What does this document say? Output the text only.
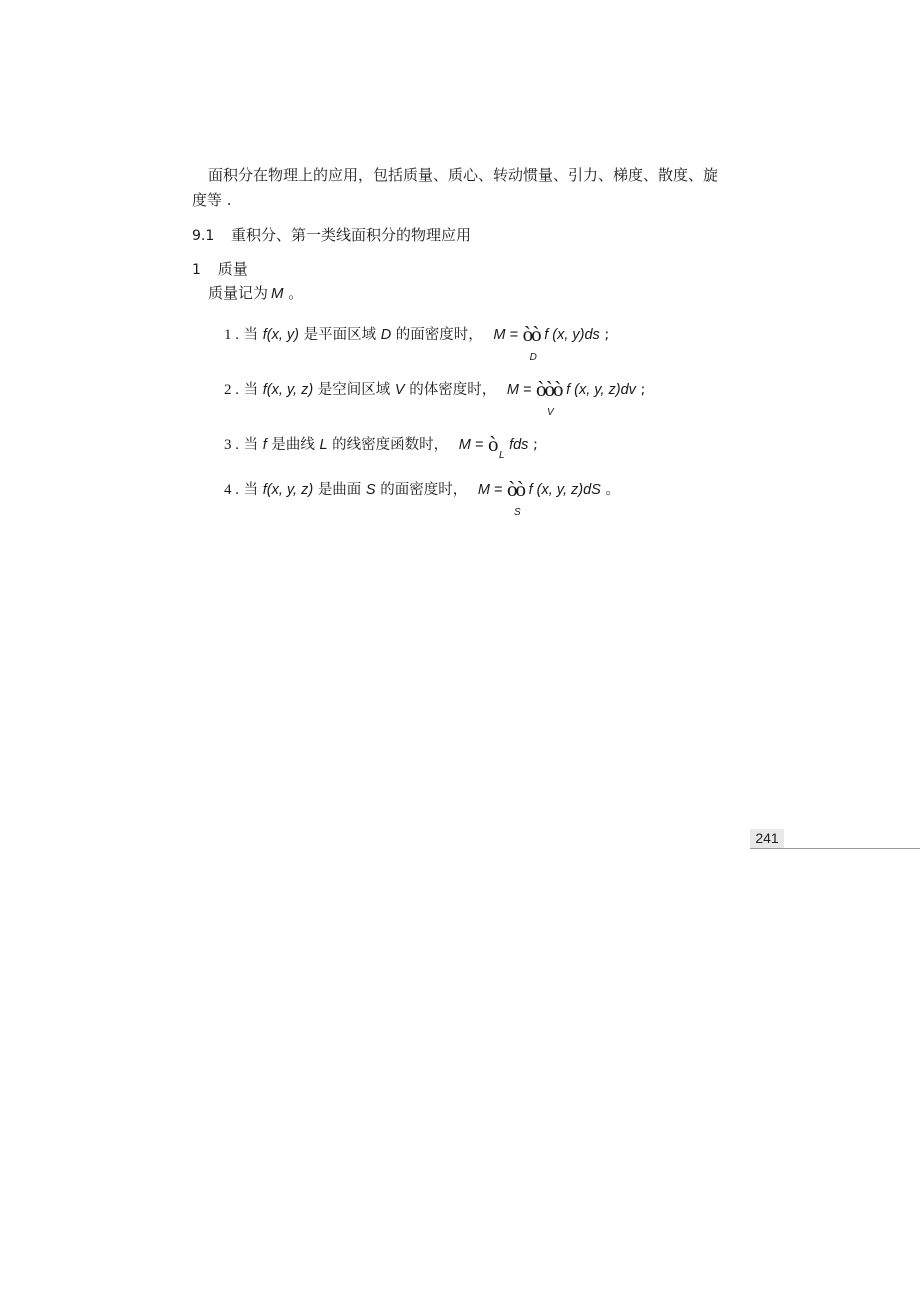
面积分在物理上的应用，包括质量、质心、转动惯量、引力、梯度、散度、旋
度等 .
9.1 重积分、第一类线面积分的物理应用
1 质量
质量记为 M 。
1 . 当 f(x, y) 是平面区域 D 的面密度时， M = òò
D
f (x, y)ds ;
2 . 当 f(x, y, z) 是空间区域 V 的体密度时， M = òòò
V
f (x, y, z)dv ;
3 . 当 f 是曲线 L 的线密度函数时， M = ò L
fds ;
4 . 当 f(x, y, z) 是曲面 S 的面密度时， M = òò
S
f (x, y, z)dS 。
241
